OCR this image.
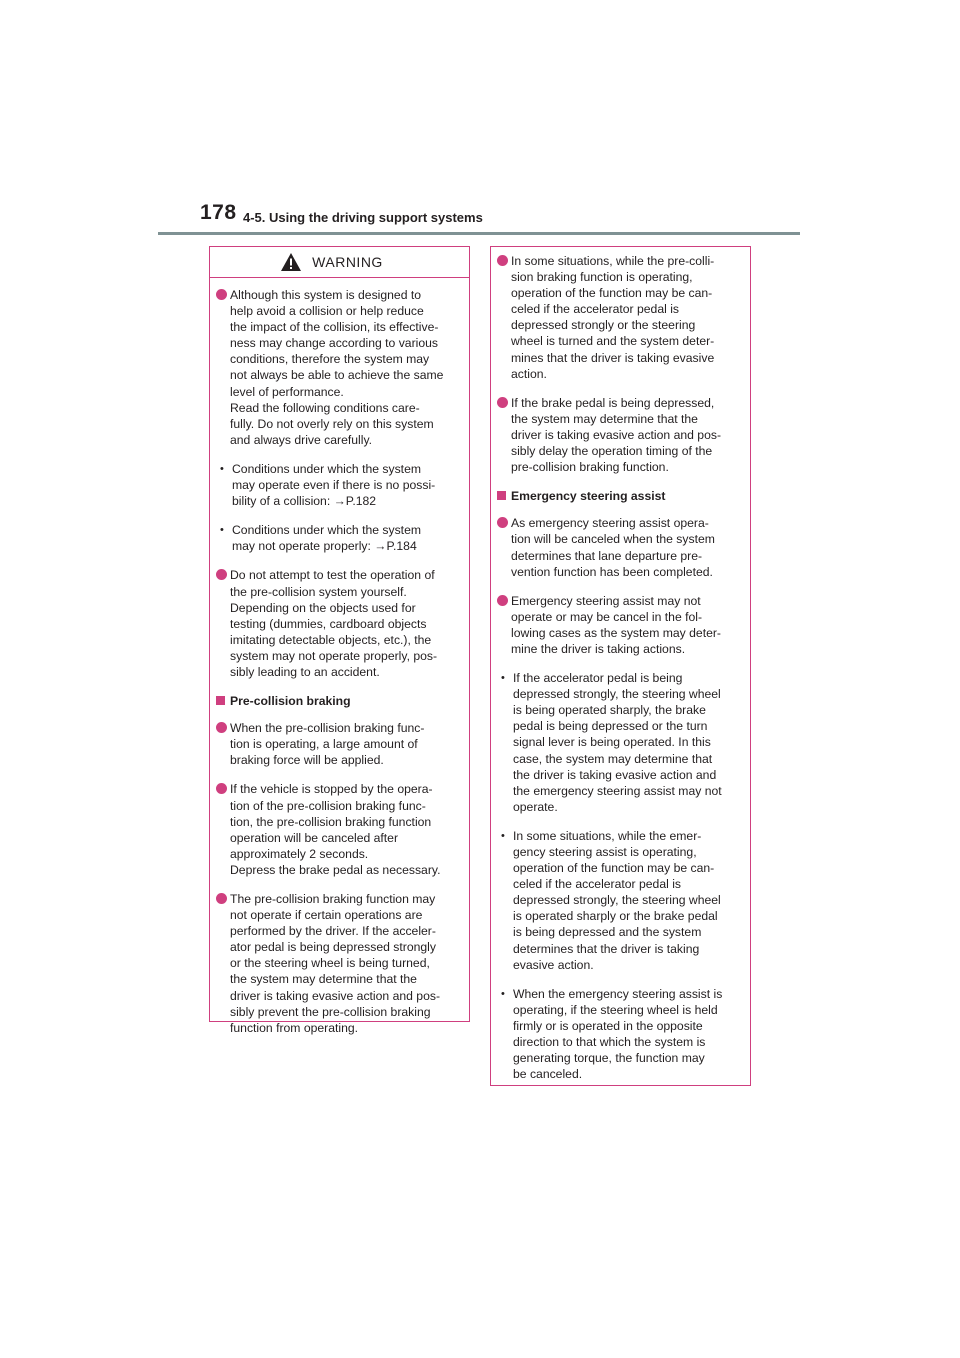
178 4-5. Using the driving support systems
WARNING
Although this system is designed to
help avoid a collision or help reduce
the impact of the collision, its effective-
ness may change according to various
conditions, therefore the system may
not always be able to achieve the same
level of performance.
Read the following conditions care-
fully. Do not overly rely on this system
and always drive carefully.
• Conditions under which the system
may operate even if there is no possi-
bility of a collision: →P.182
• Conditions under which the system
may not operate properly: →P.184
Do not attempt to test the operation of
the pre-collision system yourself.
Depending on the objects used for
testing (dummies, cardboard objects
imitating detectable objects, etc.), the
system may not operate properly, pos-
sibly leading to an accident.
Pre-collision braking
When the pre-collision braking func-
tion is operating, a large amount of
braking force will be applied.
If the vehicle is stopped by the opera-
tion of the pre-collision braking func-
tion, the pre-collision braking function
operation will be canceled after
approximately 2 seconds.
Depress the brake pedal as necessary.
The pre-collision braking function may
not operate if certain operations are
performed by the driver. If the acceler-
ator pedal is being depressed strongly
or the steering wheel is being turned,
the system may determine that the
driver is taking evasive action and pos-
sibly prevent the pre-collision braking
function from operating.
In some situations, while the pre-colli-
sion braking function is operating,
operation of the function may be can-
celed if the accelerator pedal is
depressed strongly or the steering
wheel is turned and the system deter-
mines that the driver is taking evasive
action.
If the brake pedal is being depressed,
the system may determine that the
driver is taking evasive action and pos-
sibly delay the operation timing of the
pre-collision braking function.
Emergency steering assist
As emergency steering assist opera-
tion will be canceled when the system
determines that lane departure pre-
vention function has been completed.
Emergency steering assist may not
operate or may be cancel in the fol-
lowing cases as the system may deter-
mine the driver is taking actions.
• If the accelerator pedal is being
depressed strongly, the steering wheel
is being operated sharply, the brake
pedal is being depressed or the turn
signal lever is being operated. In this
case, the system may determine that
the driver is taking evasive action and
the emergency steering assist may not
operate.
• In some situations, while the emer-
gency steering assist is operating,
operation of the function may be can-
celed if the accelerator pedal is
depressed strongly, the steering wheel
is operated sharply or the brake pedal
is being depressed and the system
determines that the driver is taking
evasive action.
• When the emergency steering assist is
operating, if the steering wheel is held
firmly or is operated in the opposite
direction to that which the system is
generating torque, the function may
be canceled.
